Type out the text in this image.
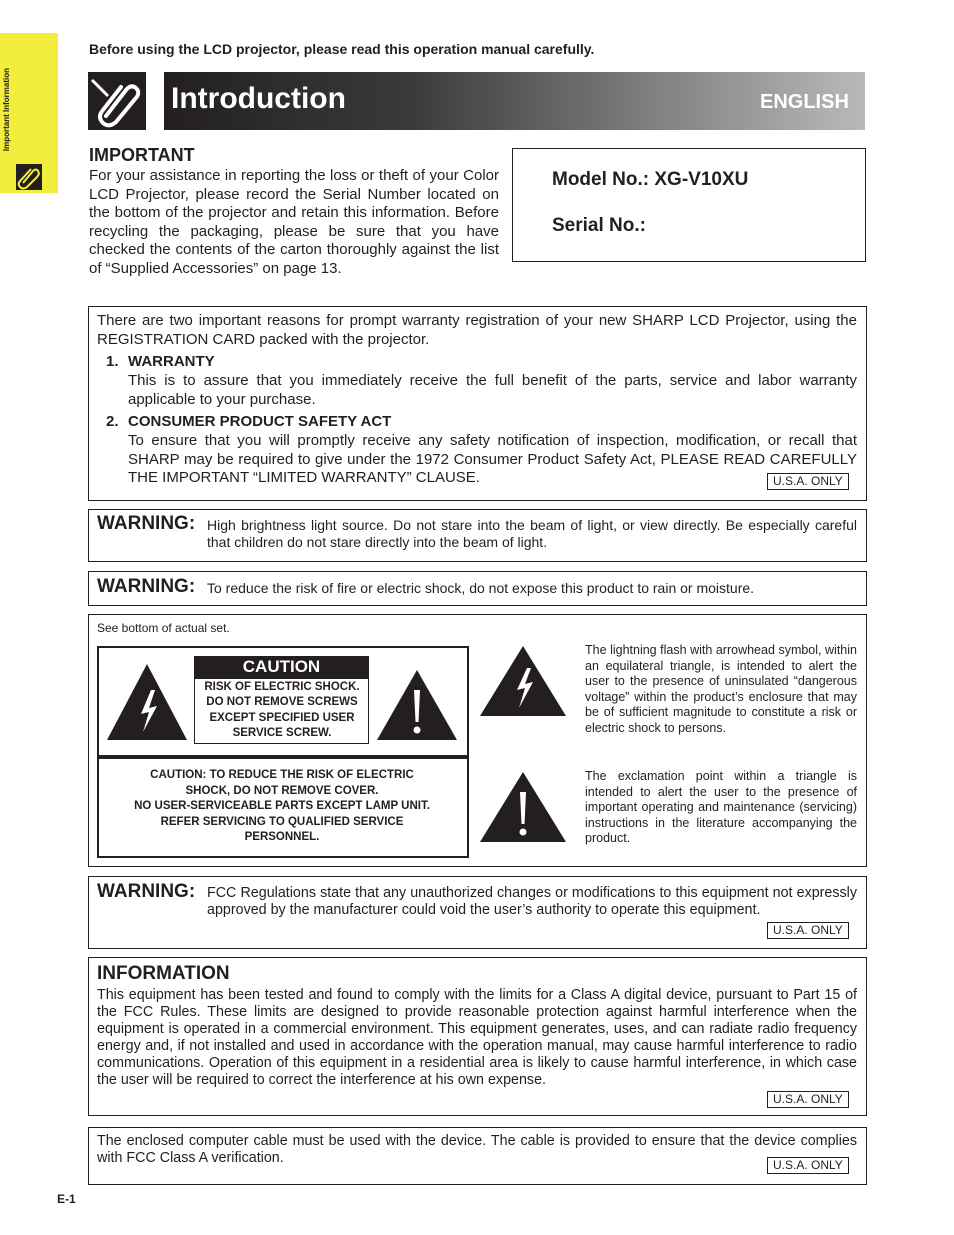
Important Information
Before using the LCD projector, please read this operation manual carefully.
Introduction	ENGLISH
IMPORTANT
For your assistance in reporting the loss or theft of your Color LCD Projector, please record the Serial Number located on the bottom of the projector and retain this information. Before recycling the packaging, please be sure that you have checked the contents of the carton thoroughly against the list of “Supplied Accessories” on page 13.
Model No.: XG-V10XU
Serial No.:
There are two important reasons for prompt warranty registration of your new SHARP LCD Projector, using the REGISTRATION CARD packed with the projector.
1. WARRANTY
This is to assure that you immediately receive the full benefit of the parts, service and labor warranty applicable to your purchase.
2. CONSUMER PRODUCT SAFETY ACT
To ensure that you will promptly receive any safety notification of inspection, modification, or recall that SHARP may be required to give under the 1972 Consumer Product Safety Act, PLEASE READ CAREFULLY THE IMPORTANT “LIMITED WARRANTY” CLAUSE.	U.S.A. ONLY
WARNING: High brightness light source. Do not stare into the beam of light, or view directly. Be especially careful that children do not stare directly into the beam of light.
WARNING: To reduce the risk of fire or electric shock, do not expose this product to rain or moisture.
See bottom of actual set.
CAUTION
RISK OF ELECTRIC SHOCK. DO NOT REMOVE SCREWS EXCEPT SPECIFIED USER SERVICE SCREW.
CAUTION: TO REDUCE THE RISK OF ELECTRIC SHOCK, DO NOT REMOVE COVER.
NO USER-SERVICEABLE PARTS EXCEPT LAMP UNIT.
REFER SERVICING TO QUALIFIED SERVICE PERSONNEL.
The lightning flash with arrowhead symbol, within an equilateral triangle, is intended to alert the user to the presence of uninsulated “dangerous voltage” within the product’s enclosure that may be of sufficient magnitude to constitute a risk or electric shock to persons.
The exclamation point within a triangle is intended to alert the user to the presence of important operating and maintenance (servicing) instructions in the literature accompanying the product.
WARNING: FCC Regulations state that any unauthorized changes or modifications to this equipment not expressly approved by the manufacturer could void the user’s authority to operate this equipment.
U.S.A. ONLY
INFORMATION
This equipment has been tested and found to comply with the limits for a Class A digital device, pursuant to Part 15 of the FCC Rules. These limits are designed to provide reasonable protection against harmful interference when the equipment is operated in a commercial environment. This equipment generates, uses, and can radiate radio frequency energy and, if not installed and used in accordance with the operation manual, may cause harmful interference to radio communications. Operation of this equipment in a residential area is likely to cause harmful interference, in which case the user will be required to correct the interference at his own expense.
U.S.A. ONLY
The enclosed computer cable must be used with the device. The cable is provided to ensure that the device complies with FCC Class A verification.	U.S.A. ONLY
E-1
